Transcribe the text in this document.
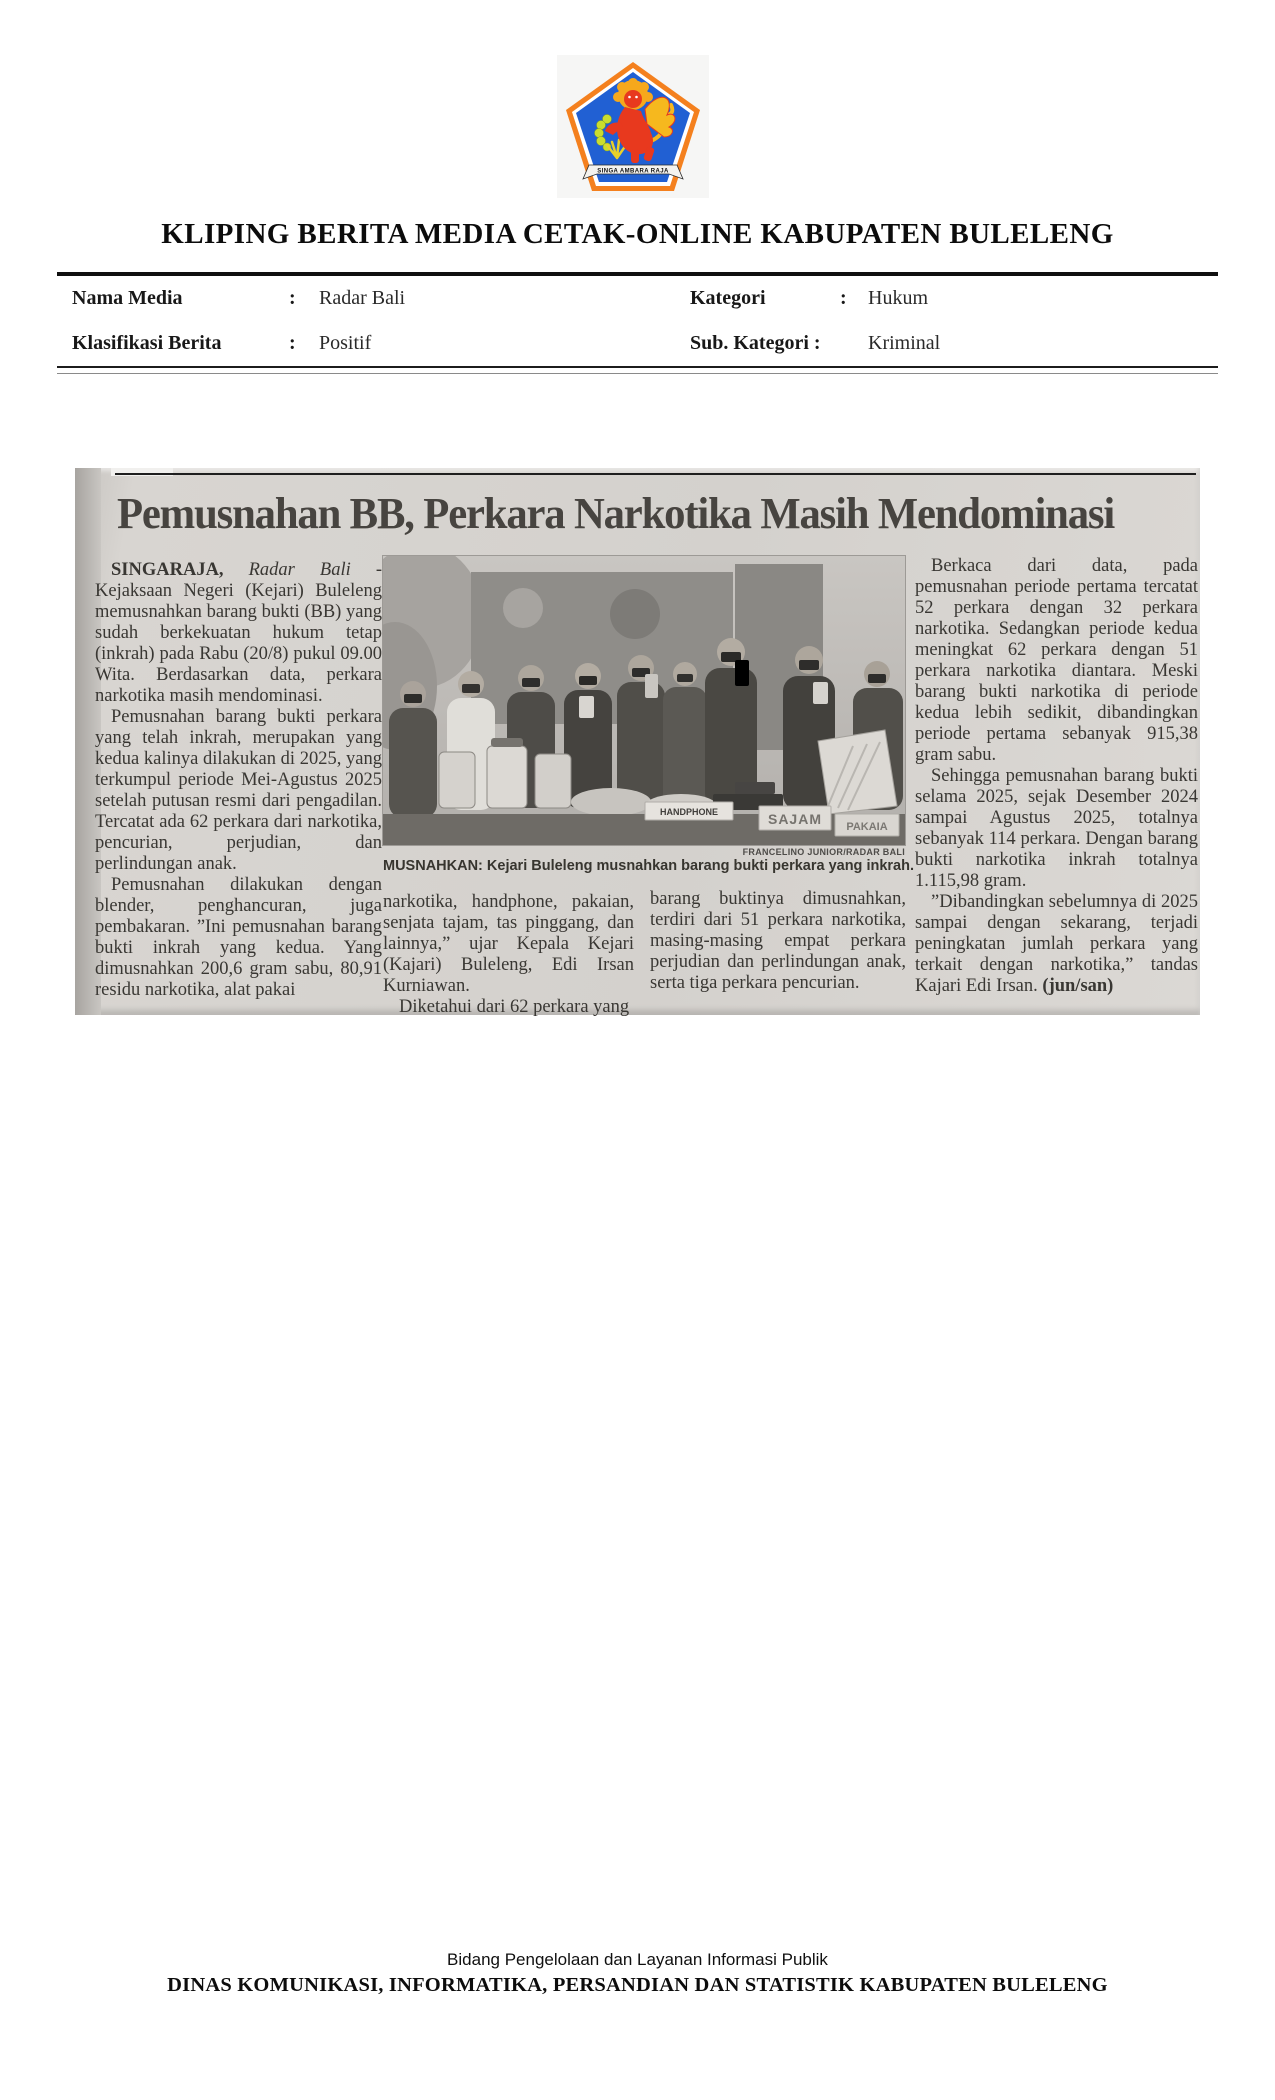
SINGA AMBARA RAJA
KLIPING BERITA MEDIA CETAK-ONLINE KABUPATEN BULELENG
Nama Media	: Radar Bali	Kategori	: Hukum
Klasifikasi Berita	: Positif	Sub. Kategori : Kriminal
Pemusnahan BB, Perkara Narkotika Masih Mendominasi

SINGARAJA, Radar Bali - Kejaksaan Negeri (Kejari) Buleleng memusnahkan barang bukti (BB) yang sudah berkekuatan hukum tetap (inkrah) pada Rabu (20/8) pukul 09.00 Wita. Berdasarkan data, perkara narkotika masih mendominasi.

Pemusnahan barang bukti perkara yang telah inkrah, merupakan yang kedua kalinya dilakukan di 2025, yang terkumpul periode Mei-Agustus 2025 setelah putusan resmi dari pengadilan. Tercatat ada 62 perkara dari narkotika, pencurian, perjudian, dan perlindungan anak.

Pemusnahan dilakukan dengan blender, penghancuran, juga pembakaran. ”Ini pemusnahan barang bukti inkrah yang kedua. Yang dimusnahkan 200,6 gram sabu, 80,91 residu narkotika, alat pakai

HANDPHONE	SAJAM PAKAIA
FRANCELINO JUNIOR/RADAR BALI
MUSNAHKAN: Kejari Buleleng musnahkan barang bukti perkara yang inkrah.

narkotika, handphone, pakaian, senjata tajam, tas pinggang, dan lainnya,” ujar Kepala Kejari (Kajari) Buleleng, Edi Irsan Kurniawan.

Diketahui dari 62 perkara yang

barang buktinya dimusnahkan, terdiri dari 51 perkara narkotika, masing-masing empat perkara perjudian dan perlindungan anak, serta tiga perkara pencurian.

Berkaca dari data, pada pemusnahan periode pertama tercatat 52 perkara dengan 32 perkara narkotika. Sedangkan periode kedua meningkat 62 perkara dengan 51 perkara narkotika diantara. Meski barang bukti narkotika di periode kedua lebih sedikit, dibandingkan periode pertama sebanyak 915,38 gram sabu.

Sehingga pemusnahan barang bukti selama 2025, sejak Desember 2024 sampai Agustus 2025, totalnya sebanyak 114 perkara. Dengan barang bukti narkotika inkrah totalnya 1.115,98 gram.

”Dibandingkan sebelumnya di 2025 sampai dengan sekarang, terjadi peningkatan jumlah perkara yang terkait dengan narkotika,” tandas Kajari Edi Irsan. (jun/san)

Bidang Pengelolaan dan Layanan Informasi Publik
DINAS KOMUNIKASI, INFORMATIKA, PERSANDIAN DAN STATISTIK KABUPATEN BULELENG
